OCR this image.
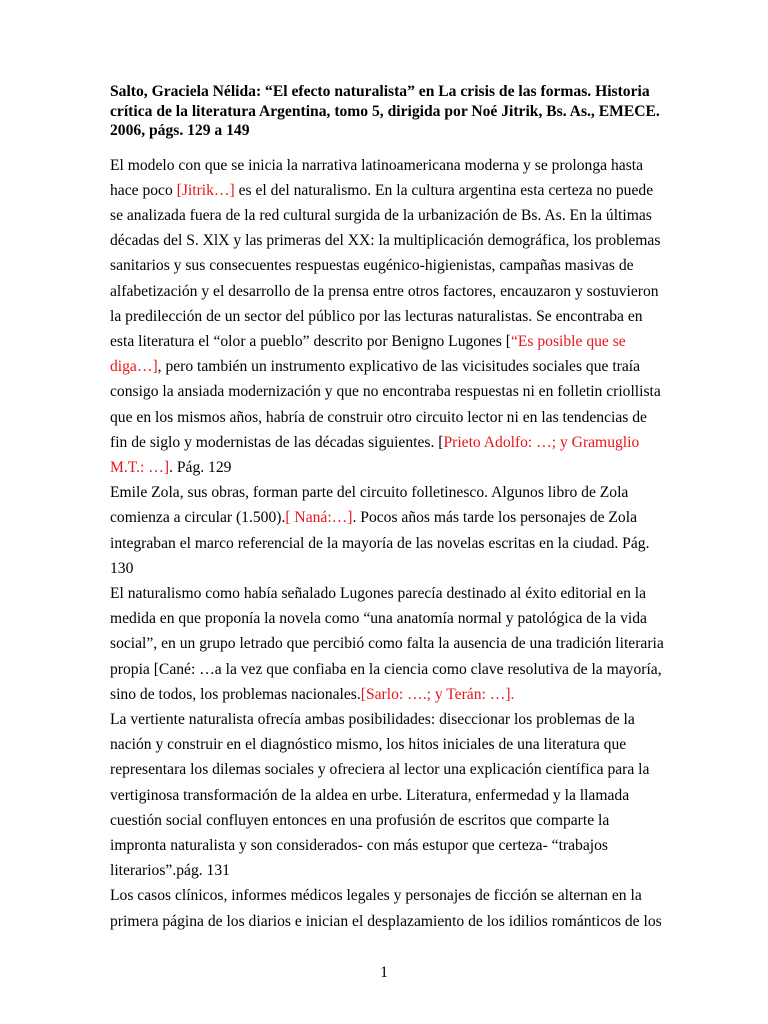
Salto, Graciela Nélida: “El efecto naturalista” en La crisis de las formas. Historia crítica de la literatura Argentina, tomo 5, dirigida por Noé Jitrik, Bs. As., EMECE. 2006, págs. 129 a 149

El modelo con que se inicia la narrativa latinoamericana moderna y se prolonga hasta hace poco [Jitrik…] es el del naturalismo. En la cultura argentina esta certeza no puede se analizada fuera de la red cultural surgida de la urbanización de Bs. As. En la últimas décadas del S. XlX y las primeras del XX: la multiplicación demográfica, los problemas sanitarios y sus consecuentes respuestas eugénico-higienistas, campañas masivas de alfabetización y el desarrollo de la prensa entre otros factores, encauzaron y sostuvieron la predilección de un sector del público por las lecturas naturalistas. Se encontraba en esta literatura el “olor a pueblo” descrito por Benigno Lugones [“Es posible que se diga…], pero también un instrumento explicativo de las vicisitudes sociales que traía consigo la ansiada modernización y que no encontraba respuestas ni en folletin criollista que en los mismos años, habría de construir otro circuito lector ni en las tendencias de fin de siglo y modernistas de las décadas siguientes. [Prieto Adolfo: …; y Gramuglio M.T.: …]. Pág. 129

Emile Zola, sus obras, forman parte del circuito folletinesco. Algunos libro de Zola comienza a circular (1.500).[ Naná:…]. Pocos años más tarde los personajes de Zola integraban el marco referencial de la mayoría de las novelas escritas en la ciudad. Pág. 130

El naturalismo como había señalado Lugones parecía destinado al éxito editorial en la medida en que proponía la novela como “una anatomía normal y patológica de la vida social”, en un grupo letrado que percibió como falta la ausencia de una tradición literaria propia [Cané: …a la vez que confiaba en la ciencia como clave resolutiva de la mayoría, sino de todos, los problemas nacionales.[Sarlo: ….; y Terán: …].

La vertiente naturalista ofrecía ambas posibilidades: diseccionar los problemas de la nación y construir en el diagnóstico mismo, los hitos iniciales de una literatura que representara los dilemas sociales y ofreciera al lector una explicación científica para la vertiginosa transformación de la aldea en urbe. Literatura, enfermedad y la llamada cuestión social confluyen entonces en una profusión de escritos que comparte la impronta naturalista y son considerados- con más estupor que certeza- “trabajos literarios”.pág. 131

Los casos clínicos, informes médicos legales y personajes de ficción se alternan en la primera página de los diarios e inician el desplazamiento de los idilios románticos de los

1
